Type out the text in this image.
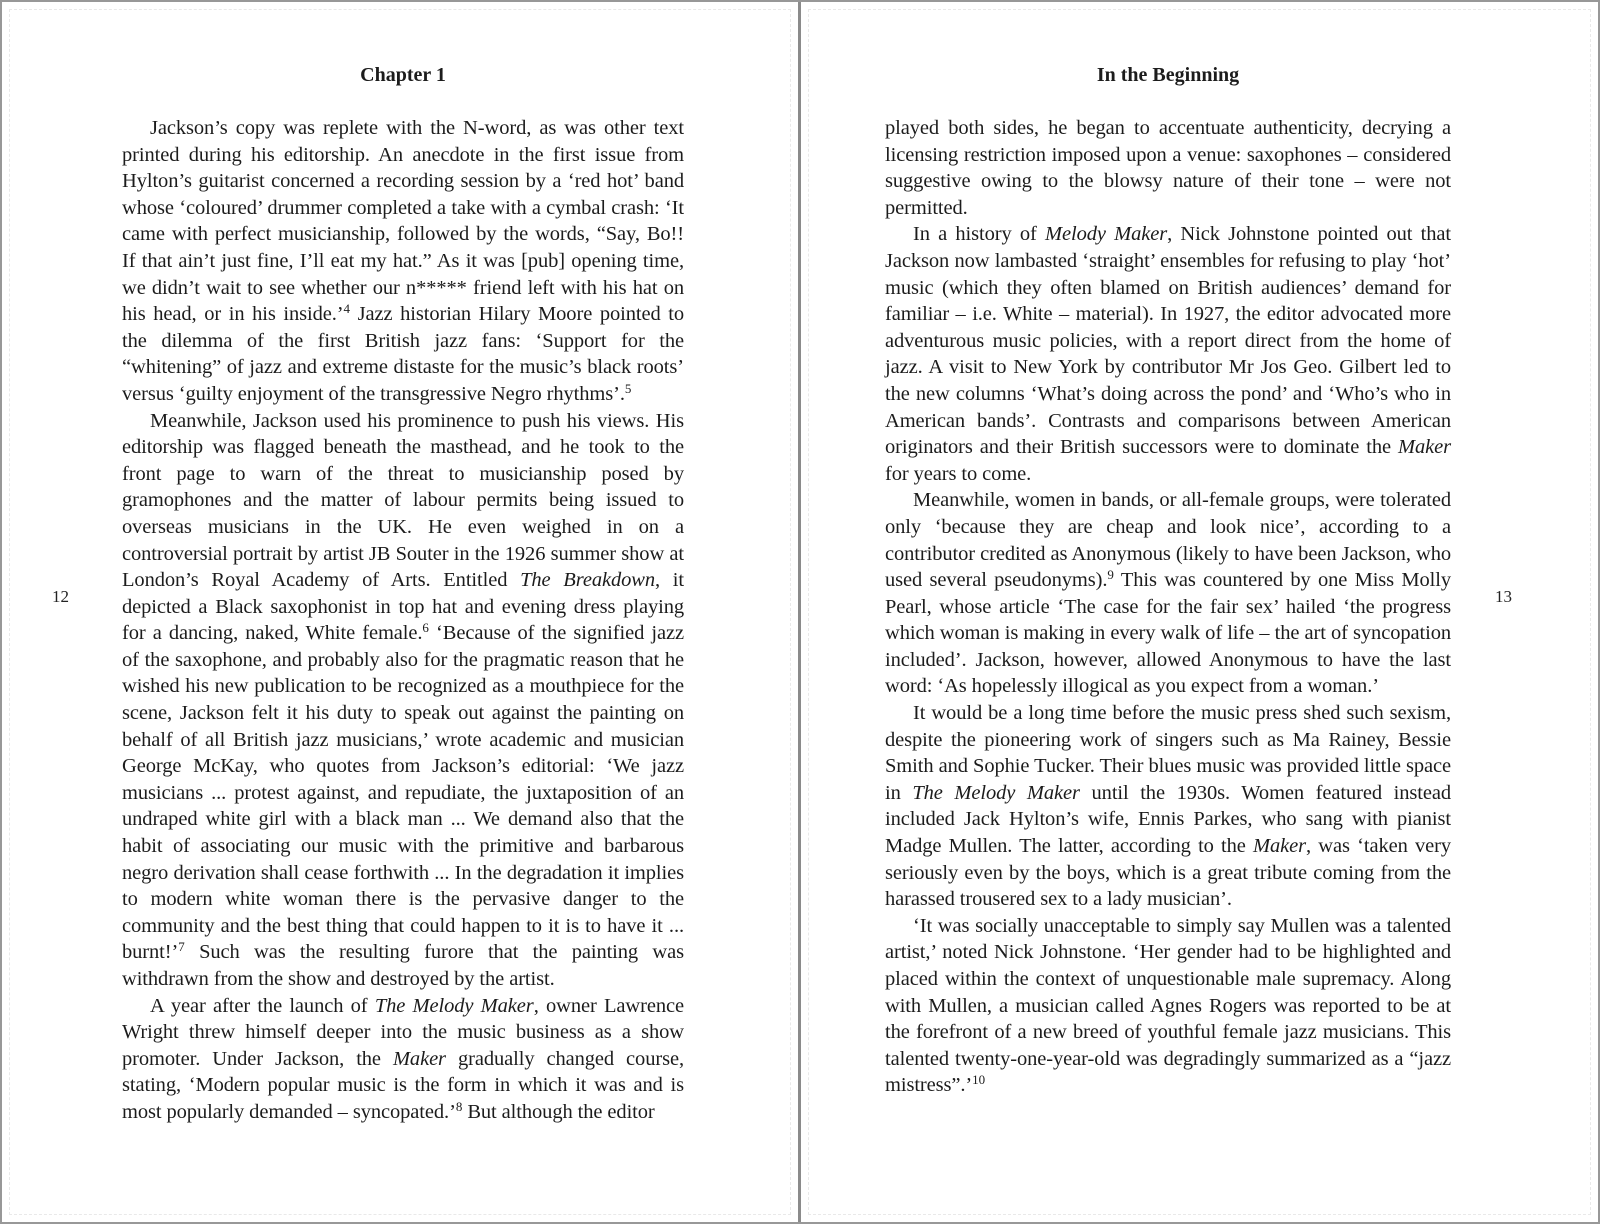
Chapter 1

Jackson’s copy was replete with the N-word, as was other text printed during his editorship. An anecdote in the first issue from Hylton’s guitarist concerned a recording session by a ‘red hot’ band whose ‘coloured’ drummer completed a take with a cymbal crash: ‘It came with perfect musicianship, followed by the words, “Say, Bo!! If that ain’t just fine, I’ll eat my hat.” As it was [pub] opening time, we didn’t wait to see whether our n***** friend left with his hat on his head, or in his inside.’$^4$ Jazz historian Hilary Moore pointed to the dilemma of the first British jazz fans: ‘Support for the “whitening” of jazz and extreme distaste for the music’s black roots’ versus ‘guilty enjoyment of the transgressive Negro rhythms’.$^5$

Meanwhile, Jackson used his prominence to push his views. His editorship was flagged beneath the masthead, and he took to the front page to warn of the threat to musicianship posed by gramophones and the matter of labour permits being issued to overseas musicians in the UK. He even weighed in on a controversial portrait by artist JB Souter in the 1926 summer show at London’s Royal Academy of Arts. Entitled The Breakdown, it depicted a Black saxophonist in top hat and evening dress playing for a dancing, naked, White female.$^6$ ‘Because of the signified jazz of the saxophone, and probably also for the pragmatic reason that he wished his new publication to be recognized as a mouthpiece for the scene, Jackson felt it his duty to speak out against the painting on behalf of all British jazz musicians,’ wrote academic and musician George McKay, who quotes from Jackson’s editorial: ‘We jazz musicians ... protest against, and repudiate, the juxtaposition of an undraped white girl with a black man ... We demand also that the habit of associating our music with the primitive and barbarous negro derivation shall cease forthwith ... In the degradation it implies to modern white woman there is the pervasive danger to the community and the best thing that could happen to it is to have it ... burnt!’$^7$ Such was the resulting furore that the painting was withdrawn from the show and destroyed by the artist.

A year after the launch of The Melody Maker, owner Lawrence Wright threw himself deeper into the music business as a show promoter. Under Jackson, the Maker gradually changed course, stating, ‘Modern popular music is the form in which it was and is most popularly demanded – syncopated.’$^8$ But although the editor

12
In the Beginning

played both sides, he began to accentuate authenticity, decrying a licensing restriction imposed upon a venue: saxophones – considered suggestive owing to the blowsy nature of their tone – were not permitted.

In a history of Melody Maker, Nick Johnstone pointed out that Jackson now lambasted ‘straight’ ensembles for refusing to play ‘hot’ music (which they often blamed on British audiences’ demand for familiar – i.e. White – material). In 1927, the editor advocated more adventurous music policies, with a report direct from the home of jazz. A visit to New York by contributor Mr Jos Geo. Gilbert led to the new columns ‘What’s doing across the pond’ and ‘Who’s who in American bands’. Contrasts and comparisons between American originators and their British successors were to dominate the Maker for years to come.

Meanwhile, women in bands, or all-female groups, were tolerated only ‘because they are cheap and look nice’, according to a contributor credited as Anonymous (likely to have been Jackson, who used several pseudonyms).$^9$ This was countered by one Miss Molly Pearl, whose article ‘The case for the fair sex’ hailed ‘the progress which woman is making in every walk of life – the art of syncopation included’. Jackson, however, allowed Anonymous to have the last word: ‘As hopelessly illogical as you expect from a woman.’

It would be a long time before the music press shed such sexism, despite the pioneering work of singers such as Ma Rainey, Bessie Smith and Sophie Tucker. Their blues music was provided little space in The Melody Maker until the 1930s. Women featured instead included Jack Hylton’s wife, Ennis Parkes, who sang with pianist Madge Mullen. The latter, according to the Maker, was ‘taken very seriously even by the boys, which is a great tribute coming from the harassed trousered sex to a lady musician’.

‘It was socially unacceptable to simply say Mullen was a talented artist,’ noted Nick Johnstone. ‘Her gender had to be highlighted and placed within the context of unquestionable male supremacy. Along with Mullen, a musician called Agnes Rogers was reported to be at the forefront of a new breed of youthful female jazz musicians. This talented twenty-one-year-old was degradingly summarized as a “jazz mistress”.’$^{10}$

13
